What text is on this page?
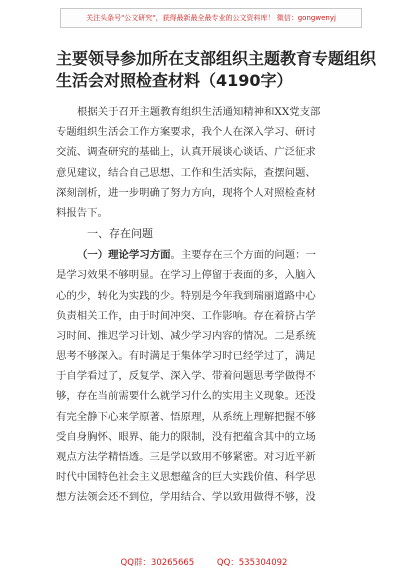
关注头条号"公文研究"，获得最新最全最专业的公文资料库！ 微信：gongwenyj
主要领导参加所在支部组织主题教育专题组织
生活会对照检查材料（4190字）
根据关于召开主题教育组织生活通知精神和XX党支部
专题组织生活会工作方案要求，我个人在深入学习、研讨
交流、调查研究的基础上，认真开展谈心谈话、广泛征求
意见建议，结合自己思想、工作和生活实际，查摆问题、
深刻剖析，进一步明确了努力方向，现将个人对照检查材
料报告下。
一、存在问题
（一）理论学习方面。主要存在三个方面的问题：一
是学习效果不够明显。在学习上停留于表面的多，入脑入
心的少，转化为实践的少。特别是今年我到瑞丽道路中心
负责相关工作，由于时间冲突、工作影响。存在着挤占学
习时间、推迟学习计划、减少学习内容的情况。二是系统
思考不够深入。有时满足于集体学习时已经学过了，满足
于自学看过了，反复学、深入学、带着问题思考学做得不
够，存在当前需要什么就学习什么的实用主义现象。还没
有完全静下心来学原著、悟原理，从系统上理解把握不够
受自身胸怀、眼界、能力的限制，没有把蕴含其中的立场
观点方法学精悟透。三是学以致用不够紧密。对习近平新
时代中国特色社会主义思想蕴含的巨大实践价值、科学思
想方法领会还不到位，学用结合、学以致用做得不够，没
QQ群：30265665	QQ：535304092
